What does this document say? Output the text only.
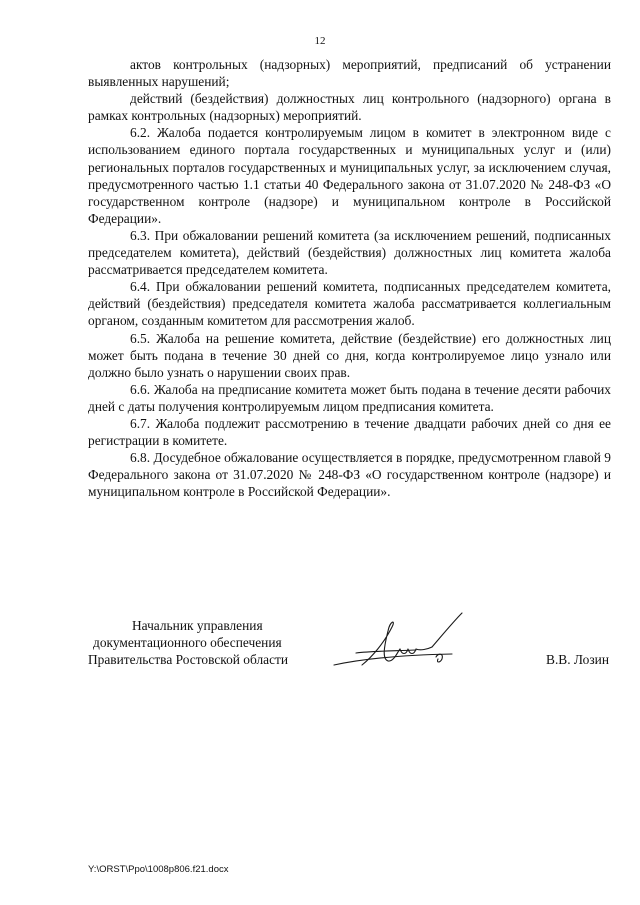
12

актов контрольных (надзорных) мероприятий, предписаний об устранении выявленных нарушений;

действий (бездействия) должностных лиц контрольного (надзорного) органа в рамках контрольных (надзорных) мероприятий.

6.2. Жалоба подается контролируемым лицом в комитет в электронном виде с использованием единого портала государственных и муниципальных услуг и (или) региональных порталов государственных и муниципальных услуг, за исключением случая, предусмотренного частью 1.1 статьи 40 Федерального закона от 31.07.2020 № 248-ФЗ «О государственном контроле (надзоре) и муниципальном контроле в Российской Федерации».

6.3. При обжаловании решений комитета (за исключением решений, подписанных председателем комитета), действий (бездействия) должностных лиц комитета жалоба рассматривается председателем комитета.

6.4. При обжаловании решений комитета, подписанных председателем комитета, действий (бездействия) председателя комитета жалоба рассматривается коллегиальным органом, созданным комитетом для рассмотрения жалоб.

6.5. Жалоба на решение комитета, действие (бездействие) его должностных лиц может быть подана в течение 30 дней со дня, когда контролируемое лицо узнало или должно было узнать о нарушении своих прав.

6.6. Жалоба на предписание комитета может быть подана в течение десяти рабочих дней с даты получения контролируемым лицом предписания комитета.

6.7. Жалоба подлежит рассмотрению в течение двадцати рабочих дней со дня ее регистрации в комитете.

6.8. Досудебное обжалование осуществляется в порядке, предусмотренном главой 9 Федерального закона от 31.07.2020 № 248-ФЗ «О государственном контроле (надзоре) и муниципальном контроле в Российской Федерации».

Начальник управления
документационного обеспечения
Правительства Ростовской области	В.В. Лозин
Y:\ORST\Ppo\1008p806.f21.docx
